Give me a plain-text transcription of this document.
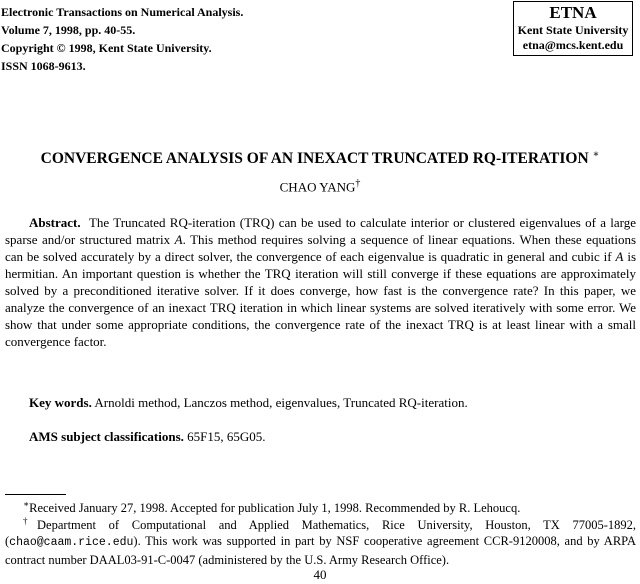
Electronic Transactions on Numerical Analysis.
Volume 7, 1998, pp. 40-55.
Copyright © 1998, Kent State University.
ISSN 1068-9613.
ETNA
Kent State University
etna@mcs.kent.edu
CONVERGENCE ANALYSIS OF AN INEXACT TRUNCATED RQ-ITERATION ∗
CHAO YANG†

Abstract. The Truncated RQ-iteration (TRQ) can be used to calculate interior or clustered eigenvalues of a large sparse and/or structured matrix A. This method requires solving a sequence of linear equations. When these equations can be solved accurately by a direct solver, the convergence of each eigenvalue is quadratic in general and cubic if A is hermitian. An important question is whether the TRQ iteration will still converge if these equations are approximately solved by a preconditioned iterative solver. If it does converge, how fast is the convergence rate? In this paper, we analyze the convergence of an inexact TRQ iteration in which linear systems are solved iteratively with some error. We show that under some appropriate conditions, the convergence rate of the inexact TRQ is at least linear with a small convergence factor.

Key words. Arnoldi method, Lanczos method, eigenvalues, Truncated RQ-iteration.
AMS subject classifications. 65F15, 65G05.

∗Received January 27, 1998. Accepted for publication July 1, 1998. Recommended by R. Lehoucq.

†Department of Computational and Applied Mathematics, Rice University, Houston, TX 77005-1892, (chao@caam.rice.edu). This work was supported in part by NSF cooperative agreement CCR-9120008, and by ARPA contract number DAAL03-91-C-0047 (administered by the U.S. Army Research Office).

40
